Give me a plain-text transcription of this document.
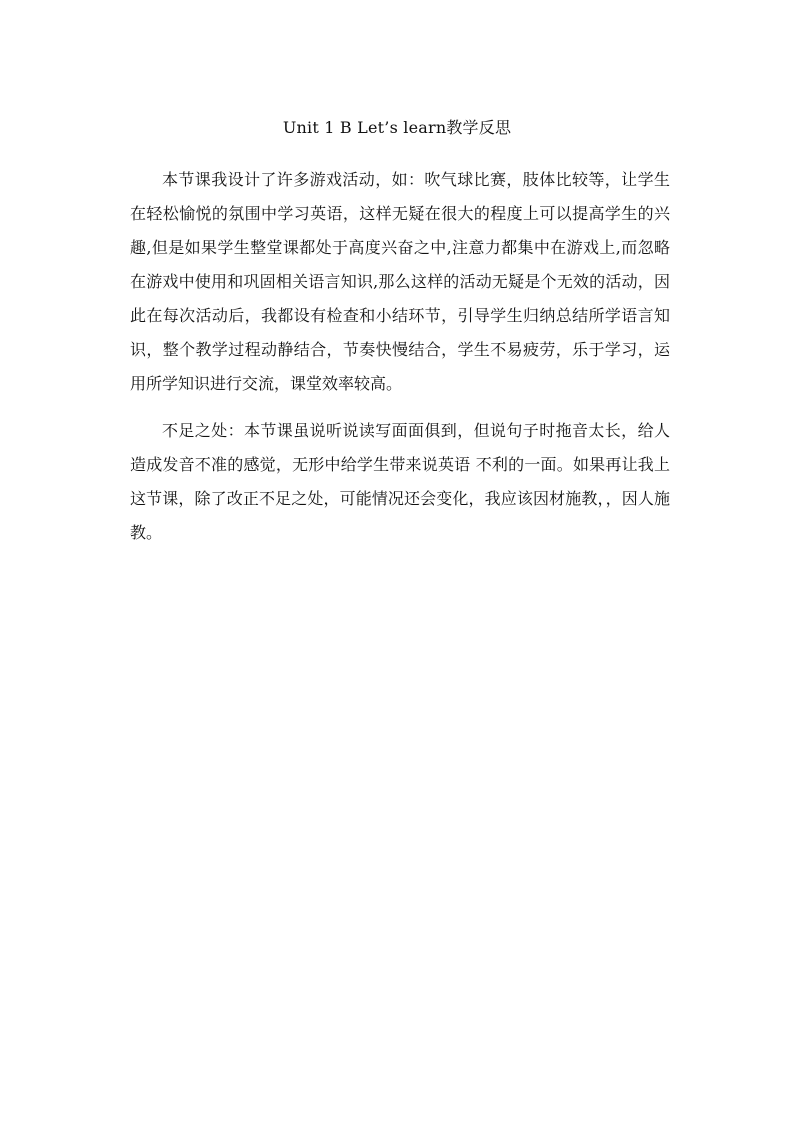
Unit 1 B Let’s learn教学反思

本节课我设计了许多游戏活动，如：吹气球比赛，肢体比较等，让学生在轻松愉悦的氛围中学习英语，这样无疑在很大的程度上可以提高学生的兴趣,但是如果学生整堂课都处于高度兴奋之中,注意力都集中在游戏上,而忽略在游戏中使用和巩固相关语言知识,那么这样的活动无疑是个无效的活动，因此在每次活动后，我都设有检查和小结环节，引导学生归纳总结所学语言知识，整个教学过程动静结合，节奏快慢结合，学生不易疲劳，乐于学习，运用所学知识进行交流，课堂效率较高。

不足之处：本节课虽说听说读写面面俱到，但说句子时拖音太长，给人造成发音不准的感觉，无形中给学生带来说英语 不利的一面。如果再让我上这节课，除了改正不足之处，可能情况还会变化，我应该因材施教，，因人施教。
